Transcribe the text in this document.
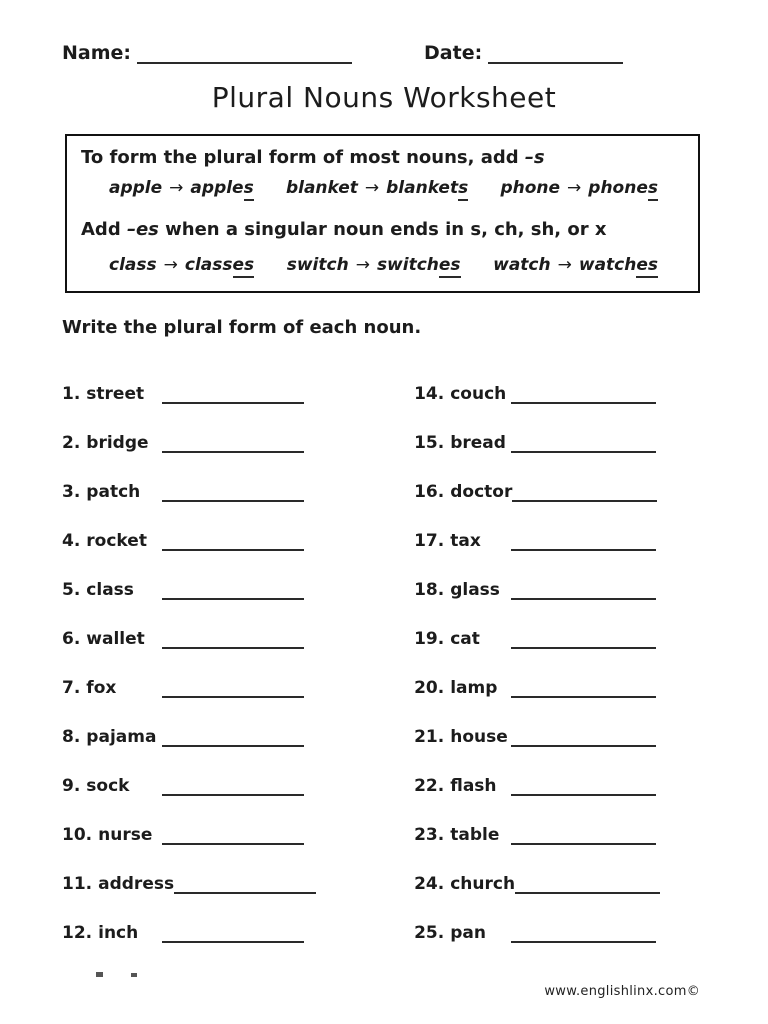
Name:	Date:
Plural Nouns Worksheet
To form the plural form of most nouns, add –s
apple → apples blanket → blankets phone → phones
Add –es when a singular noun ends in s, ch, sh, or x
class → classes switch → switches watch → watches
Write the plural form of each noun.
1. street
2. bridge
3. patch
4. rocket
5. class
6. wallet
7. fox
8. pajama
9. sock
10. nurse
11. address
12. inch
14. couch
15. bread
16. doctor
17. tax
18. glass
19. cat
20. lamp
21. house
22. flash
23. table
24. church
25. pan
www.englishlinx.com©
